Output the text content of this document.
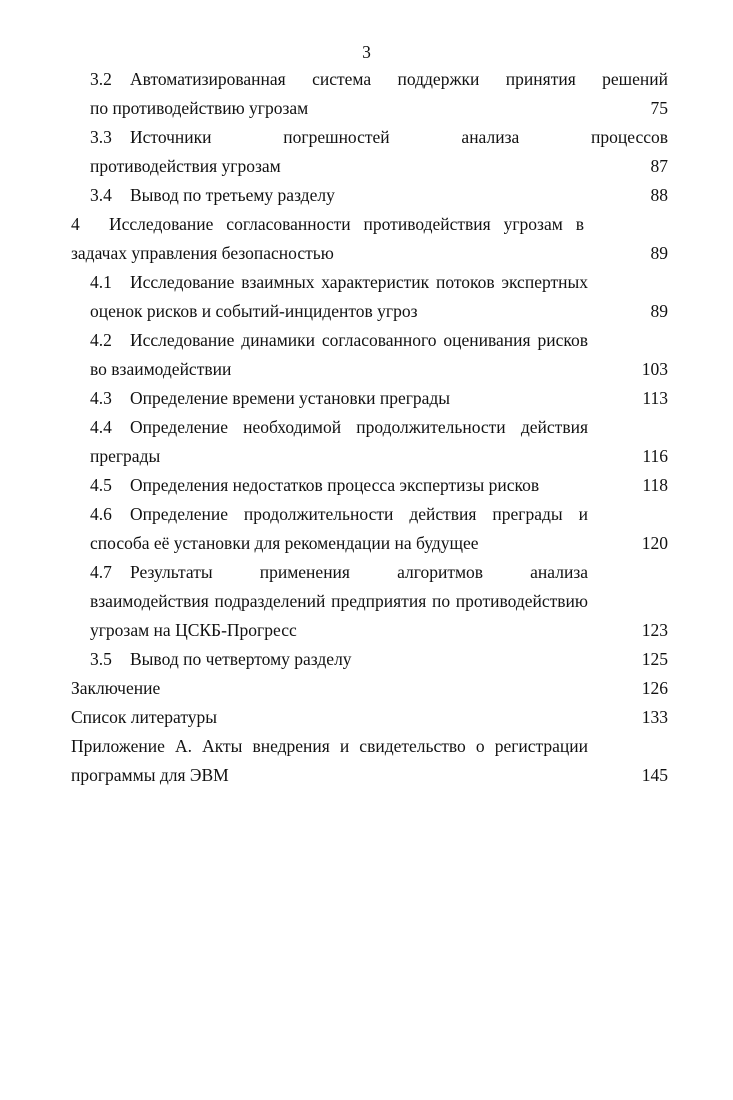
3
3.2	Автоматизированная система поддержки принятия решений
по противодействию угрозам	75
3.3	Источники погрешностей анализа процессов
противодействия угрозам	87
3.4	Вывод по третьему разделу	88
4	Исследование согласованности противодействия угрозам в
задачах управления безопасностью	89
4.1	Исследование взаимных характеристик потоков экспертных
оценок рисков и событий-инцидентов угроз	89
4.2	Исследование динамики согласованного оценивания рисков
во взаимодействии	103
4.3	Определение времени установки преграды	113
4.4	Определение необходимой продолжительности действия
преграды	116
4.5	Определения недостатков процесса экспертизы рисков	118
4.6	Определение продолжительности действия преграды и
способа её установки для рекомендации на будущее	120
4.7	Результаты применения алгоритмов анализа
взаимодействия подразделений предприятия по противодействию
угрозам на ЦСКБ-Прогресс	123
3.5	Вывод по четвертому разделу	125
Заключение	126
Список литературы	133
Приложение А. Акты внедрения и свидетельство о регистрации
программы для ЭВМ	145
